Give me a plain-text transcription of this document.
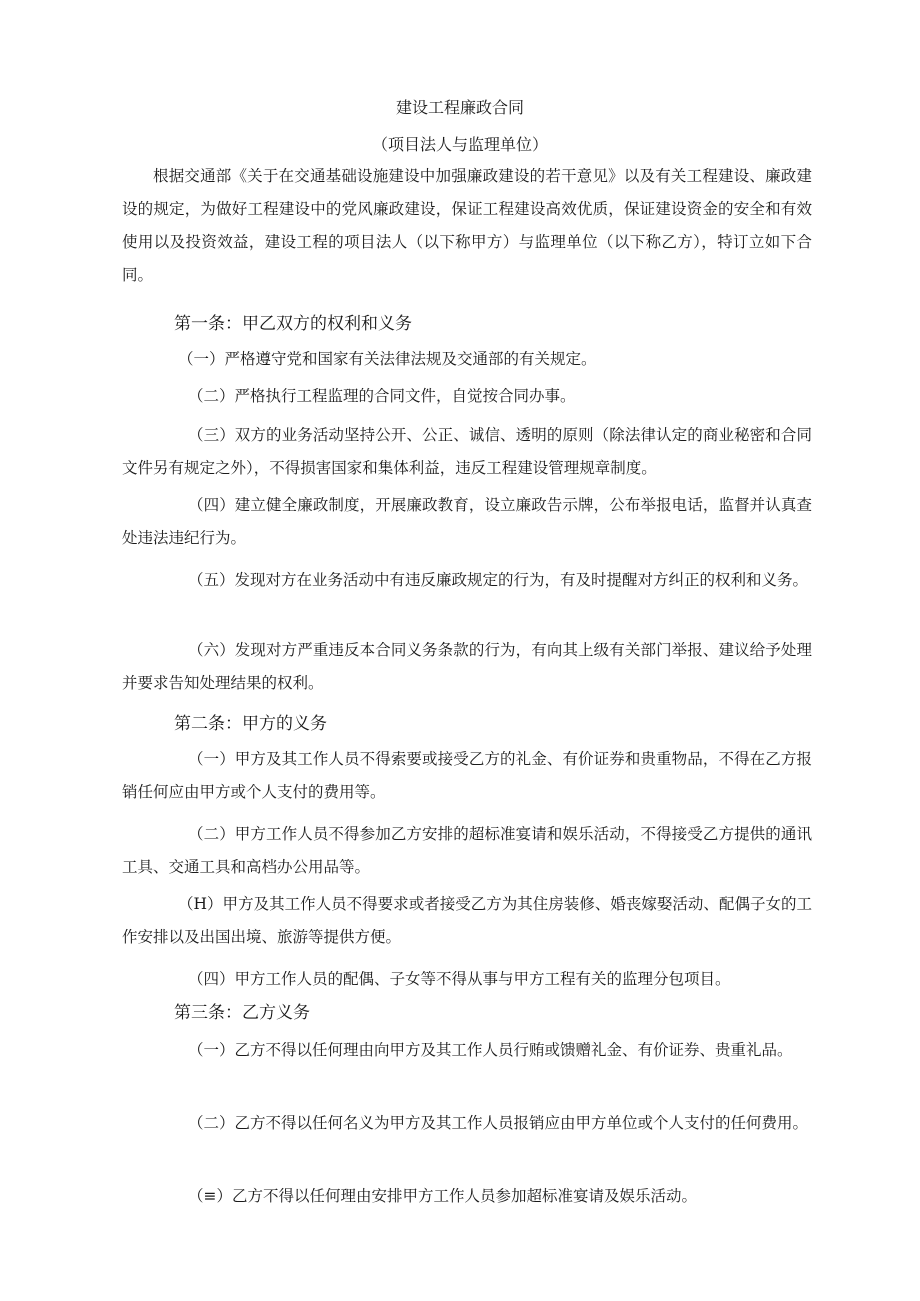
建设工程廉政合同
（项目法人与监理单位）

根据交通部《关于在交通基础设施建设中加强廉政建设的若干意见》以及有关工程建设、廉政建设的规定，为做好工程建设中的党风廉政建设，保证工程建设高效优质，保证建设资金的安全和有效使用以及投资效益，建设工程的项目法人（以下称甲方）与监理单位（以下称乙方），特订立如下合同。

第一条：甲乙双方的权利和义务

（一）严格遵守党和国家有关法律法规及交通部的有关规定。

（二）严格执行工程监理的合同文件，自觉按合同办事。

（三）双方的业务活动坚持公开、公正、诚信、透明的原则（除法律认定的商业秘密和合同文件另有规定之外），不得损害国家和集体利益，违反工程建设管理规章制度。

（四）建立健全廉政制度，开展廉政教育，设立廉政告示牌，公布举报电话，监督并认真查处违法违纪行为。

（五）发现对方在业务活动中有违反廉政规定的行为，有及时提醒对方纠正的权利和义务。

（六）发现对方严重违反本合同义务条款的行为，有向其上级有关部门举报、建议给予处理并要求告知处理结果的权利。

第二条：甲方的义务

（一）甲方及其工作人员不得索要或接受乙方的礼金、有价证券和贵重物品，不得在乙方报销任何应由甲方或个人支付的费用等。

（二）甲方工作人员不得参加乙方安排的超标准宴请和娱乐活动，不得接受乙方提供的通讯工具、交通工具和高档办公用品等。

（H）甲方及其工作人员不得要求或者接受乙方为其住房装修、婚丧嫁娶活动、配偶子女的工作安排以及出国出境、旅游等提供方便。

（四）甲方工作人员的配偶、子女等不得从事与甲方工程有关的监理分包项目。

第三条：乙方义务

（一）乙方不得以任何理由向甲方及其工作人员行贿或馈赠礼金、有价证券、贵重礼品。

（二）乙方不得以任何名义为甲方及其工作人员报销应由甲方单位或个人支付的任何费用。

（≡）乙方不得以任何理由安排甲方工作人员参加超标准宴请及娱乐活动。
